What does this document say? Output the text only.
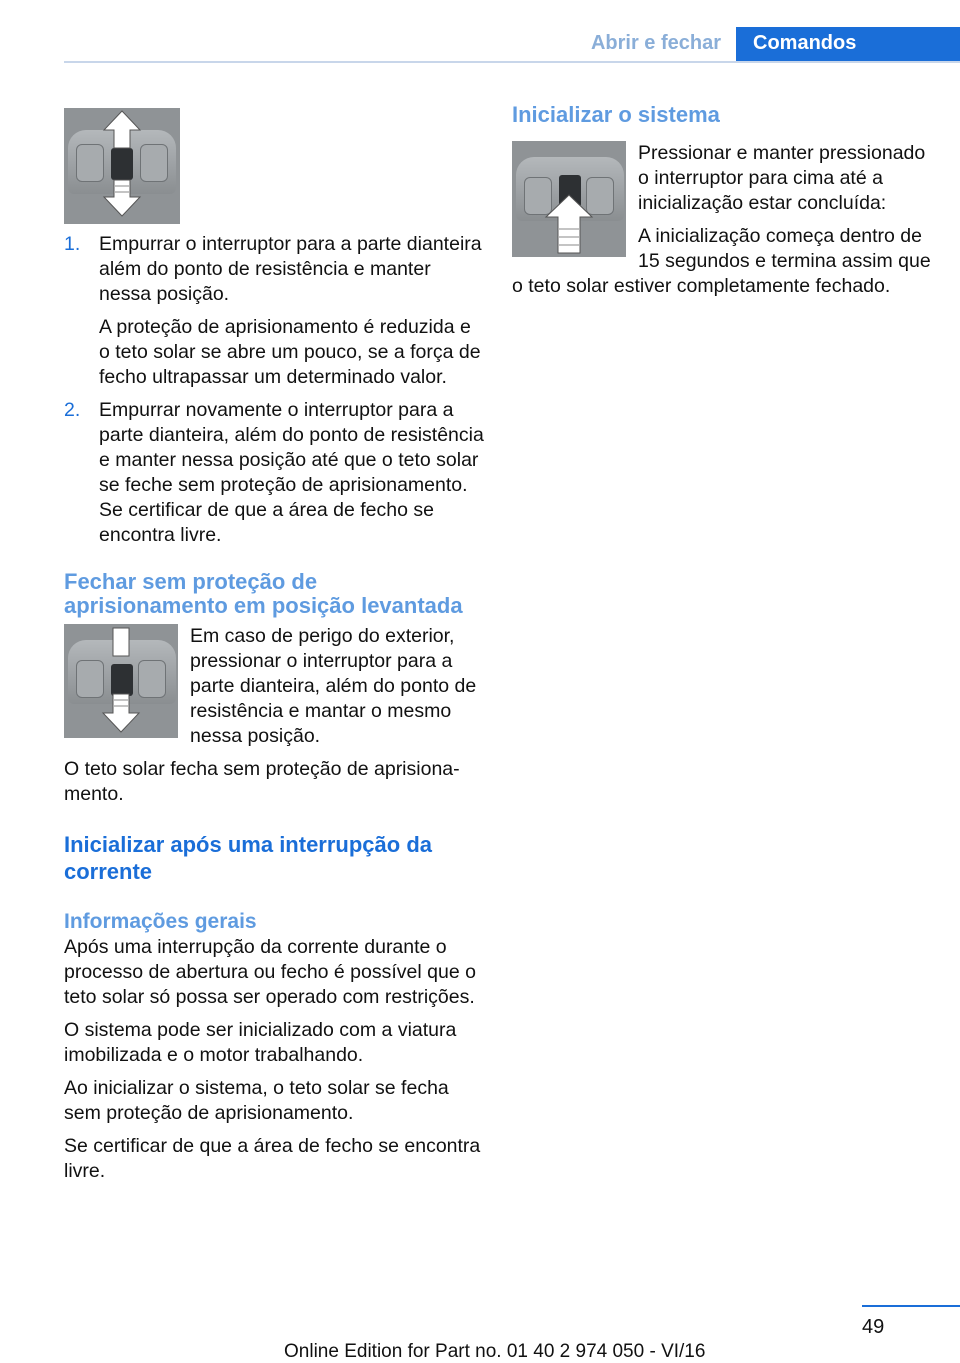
Abrir e fechar	Comandos
1. Empurrar o interruptor para a parte dianteira além do ponto de resistência e manter nessa posição.

A proteção de aprisionamento é reduzida e o teto solar se abre um pouco, se a força de fecho ultrapassar um determinado valor.

2. Empurrar novamente o interruptor para a parte dianteira, além do ponto de resistência e manter nessa posição até que o teto solar se feche sem proteção de aprisionamento. Se certificar de que a área de fecho se encontra livre.

Fechar sem proteção de aprisionamento em posição levantada

Em caso de perigo do exterior, pressionar o interruptor para a parte dianteira, além do ponto de resistência e mantar o mesmo nessa posição.

O teto solar fecha sem proteção de aprisionamento.

Inicializar após uma interrupção da corrente
Informações gerais

Após uma interrupção da corrente durante o processo de abertura ou fecho é possível que o teto solar só possa ser operado com restrições.

O sistema pode ser inicializado com a viatura imobilizada e o motor trabalhando.

Ao inicializar o sistema, o teto solar se fecha sem proteção de aprisionamento.

Se certificar de que a área de fecho se encontra livre.

Inicializar o sistema

Pressionar e manter pressionado o interruptor para cima até a inicialização estar concluída:

A inicialização começa dentro de 15 segundos e termina assim que o teto solar estiver completamente fechado.

49
Online Edition for Part no. 01 40 2 974 050 - VI/16
